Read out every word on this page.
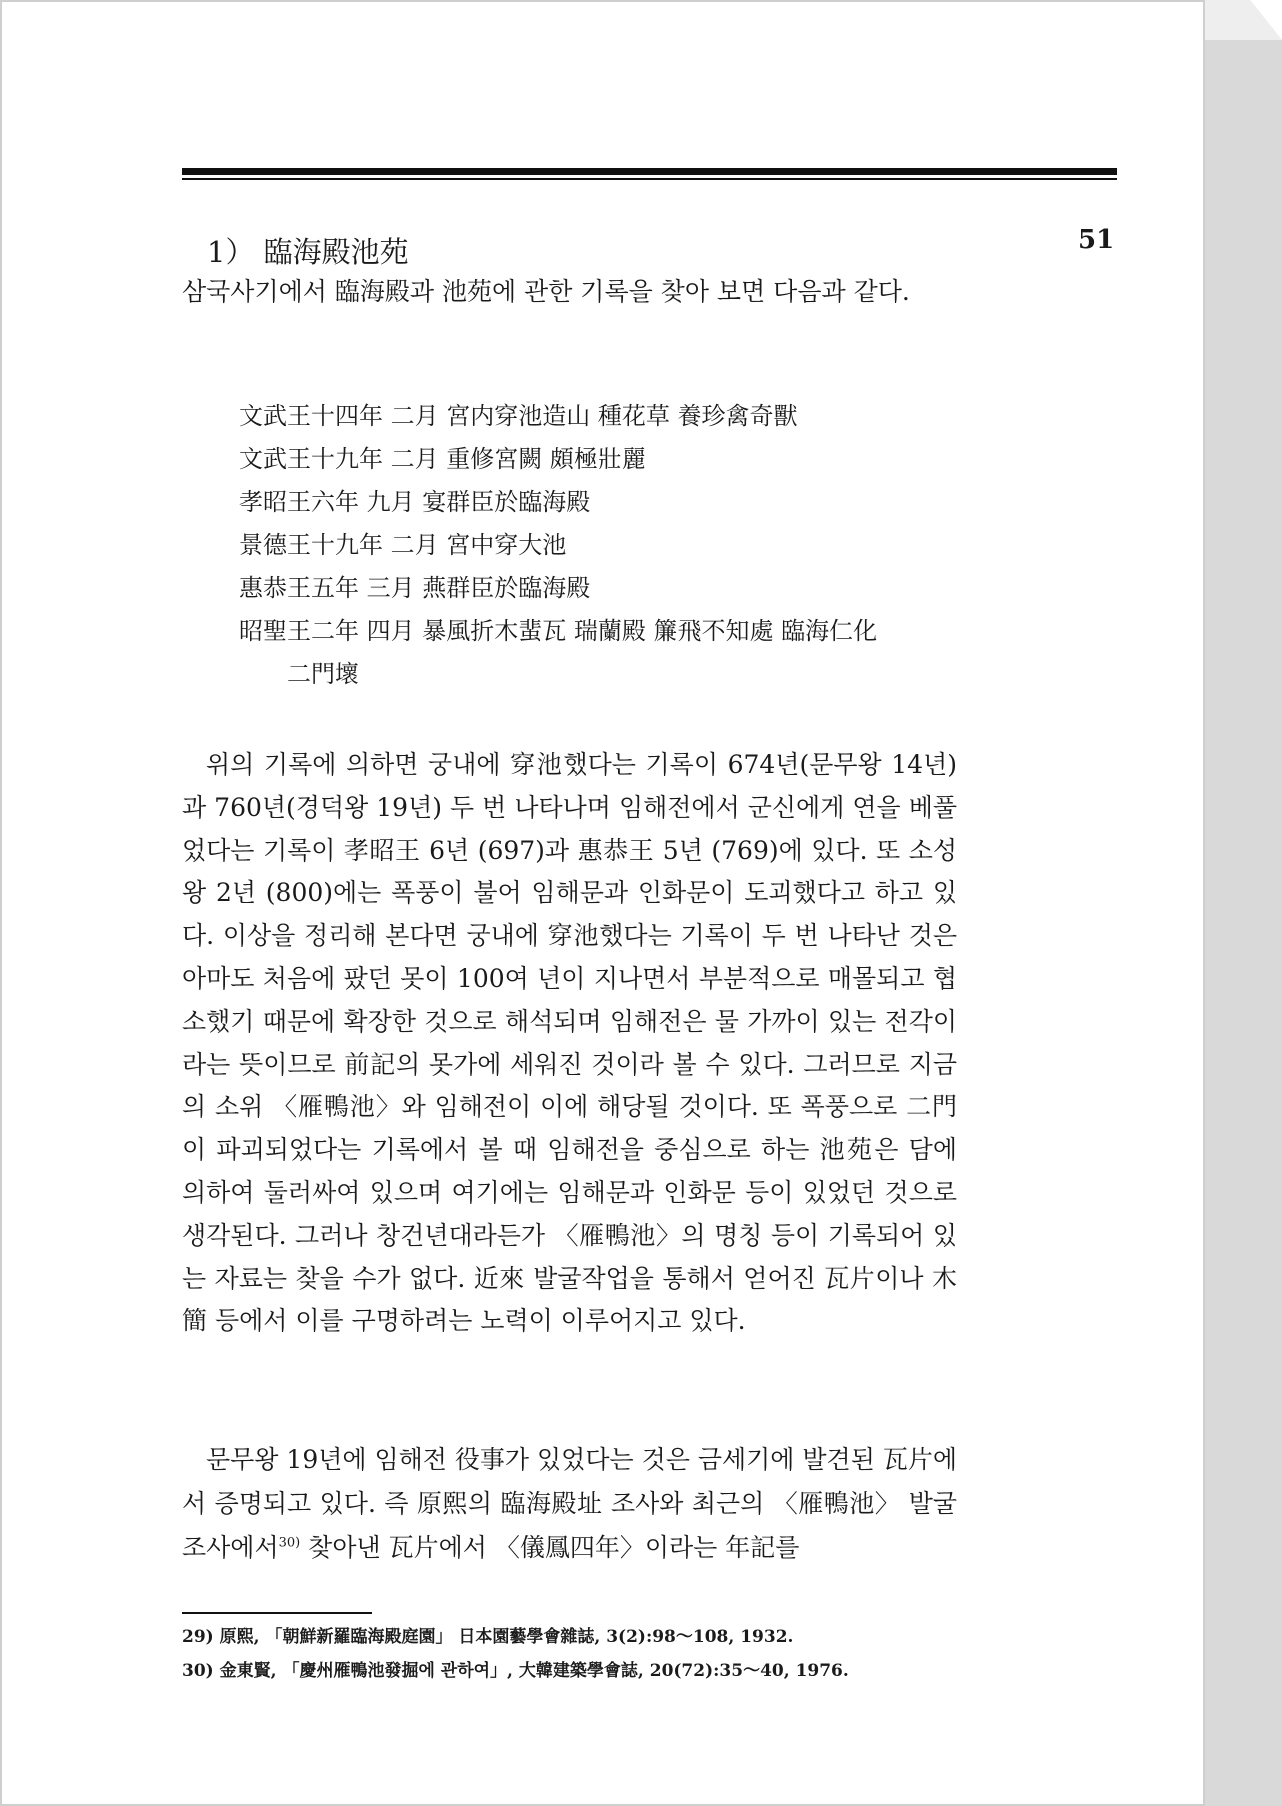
51
1） 臨海殿池苑
삼국사기에서 臨海殿과 池苑에 관한 기록을 찾아 보면 다음과 같다.
文武王十四年 二月 宮内穿池造山 種花草 養珍禽奇獸
文武王十九年 二月 重修宮闕 頗極壯麗
孝昭王六年 九月 宴群臣於臨海殿
景德王十九年 二月 宮中穿大池
惠恭王五年 三月 燕群臣於臨海殿
昭聖王二年 四月 暴風折木蜚瓦 瑞蘭殿 簾飛不知處 臨海仁化
二門壞
위의 기록에 의하면 궁내에 穿池했다는 기록이 674년(문무왕 14년)과 760년(경덕왕 19년) 두 번 나타나며 임해전에서 군신에게 연을 베풀었다는 기록이 孝昭王 6년 (697)과 惠恭王 5년 (769)에 있다. 또 소성왕 2년 (800)에는 폭풍이 불어 임해문과 인화문이 도괴했다고 하고 있다. 이상을 정리해 본다면 궁내에 穿池했다는 기록이 두 번 나타난 것은 아마도 처음에 팠던 못이 100여 년이 지나면서 부분적으로 매몰되고 협소했기 때문에 확장한 것으로 해석되며 임해전은 물 가까이 있는 전각이라는 뜻이므로 前記의 못가에 세워진 것이라 볼 수 있다. 그러므로 지금의 소위 〈雁鴨池〉와 임해전이 이에 해당될 것이다. 또 폭풍으로 二門이 파괴되었다는 기록에서 볼 때 임해전을 중심으로 하는 池苑은 담에 의하여 둘러싸여 있으며 여기에는 임해문과 인화문 등이 있었던 것으로 생각된다. 그러나 창건년대라든가 〈雁鴨池〉의 명칭 등이 기록되어 있는 자료는 찾을 수가 없다. 近來 발굴작업을 통해서 얻어진 瓦片이나 木簡 등에서 이를 구명하려는 노력이 이루어지고 있다.
문무왕 19년에 임해전 役事가 있었다는 것은 금세기에 발견된 瓦片에서 증명되고 있다. 즉 原熙의 臨海殿址 조사와 최근의 〈雁鴨池〉 발굴조사에서$^{30)}$ 찾아낸 瓦片에서 〈儀鳳四年〉이라는 年記를
29) 原熙, 「朝鮮新羅臨海殿庭園」 日本園藝學會雜誌, 3(2):98～108, 1932.
30) 金東賢, 「慶州雁鴨池發掘에 관하여」, 大韓建築學會誌, 20(72):35～40, 1976.
